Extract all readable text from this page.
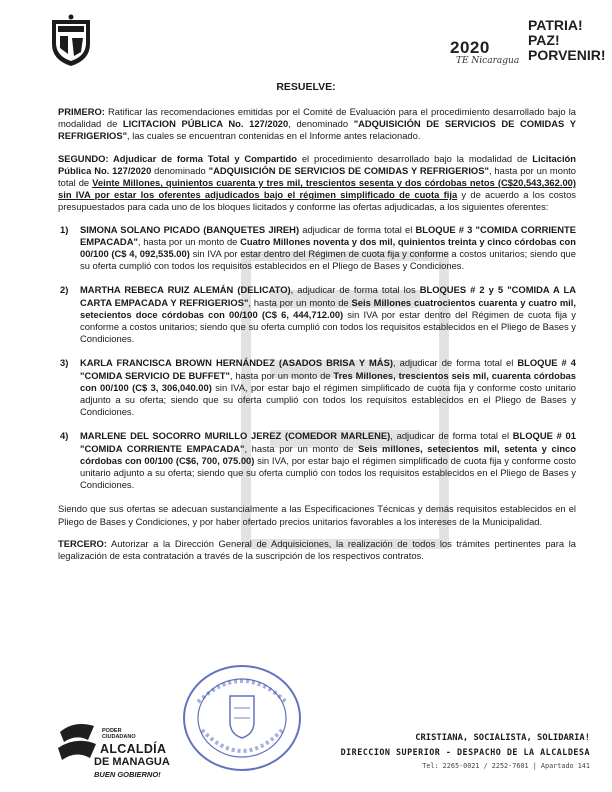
2020
TE Nicaragua
PATRIA!
PAZ!
PORVENIR!
RESUELVE:

PRIMERO: Ratificar las recomendaciones emitidas por el Comité de Evaluación para el procedimiento desarrollado bajo la modalidad de LICITACION PÚBLICA No. 127/2020, denominado "ADQUISICIÓN DE SERVICIOS DE COMIDAS Y REFRIGERIOS", las cuales se encuentran contenidas en el Informe antes relacionado.

SEGUNDO: Adjudicar de forma Total y Compartido el procedimiento desarrollado bajo la modalidad de Licitación Pública No. 127/2020 denominado "ADQUISICIÓN DE SERVICIOS DE COMIDAS Y REFRIGERIOS", hasta por un monto total de Veinte Millones, quinientos cuarenta y tres mil, trescientos sesenta y dos córdobas netos (C$20,543,362.00) sin IVA por estar los oferentes adjudicados bajo el régimen simplificado de cuota fija y de acuerdo a los costos presupuestados para cada uno de los bloques licitados y conforme las ofertas adjudicadas, a los siguientes oferentes:

1)	SIMONA SOLANO PICADO (BANQUETES JIREH) adjudicar de forma total el BLOQUE # 3 "COMIDA CORRIENTE EMPACADA", hasta por un monto de Cuatro Millones noventa y dos mil, quinientos treinta y cinco córdobas con 00/100 (C$ 4, 092,535.00) sin IVA por estar dentro del Régimen de cuota fija y conforme a costos unitarios; siendo que su oferta cumplió con todos los requisitos establecidos en el Pliego de Bases y Condiciones.
2)	MARTHA REBECA RUIZ ALEMÁN (DELICATO), adjudicar de forma total los BLOQUES # 2 y 5 "COMIDA A LA CARTA EMPACADA Y REFRIGERIOS", hasta por un monto de Seis Millones cuatrocientos cuarenta y cuatro mil, setecientos doce córdobas con 00/100 (C$ 6, 444,712.00) sin IVA por estar dentro del Régimen de cuota fija y conforme a costos unitarios; siendo que su oferta cumplió con todos los requisitos establecidos en el Pliego de Bases y Condiciones.
3)	KARLA FRANCISCA BROWN HERNÁNDEZ (ASADOS BRISA Y MÁS), adjudicar de forma total el BLOQUE # 4 "COMIDA SERVICIO DE BUFFET", hasta por un monto de Tres Millones, trescientos seis mil, cuarenta córdobas con 00/100 (C$ 3, 306,040.00) sin IVA, por estar bajo el régimen simplificado de cuota fija y conforme costo unitario adjunto a su oferta; siendo que su oferta cumplió con todos los requisitos establecidos en el Pliego de Bases y Condiciones.
4)	MARLENE DEL SOCORRO MURILLO JEREZ (COMEDOR MARLENE), adjudicar de forma total el BLOQUE # 01 "COMIDA CORRIENTE EMPACADA", hasta por un monto de Seis millones, setecientos mil, setenta y cinco córdobas con 00/100 (C$6, 700, 075.00) sin IVA, por estar bajo el régimen simplificado de cuota fija y conforme costo unitario adjunto a su oferta; siendo que su oferta cumplió con todos los requisitos establecidos en el Pliego de Bases y Condiciones.

Siendo que sus ofertas se adecuan sustancialmente a las Especificaciones Técnicas y demás requisitos establecidos en el Pliego de Bases y Condiciones, y por haber ofertado precios unitarios favorables a los intereses de la Municipalidad.

TERCERO: Autorizar a la Dirección General de Adquisiciones, la realización de todos los trámites pertinentes para la legalización de esta contratación a través de la suscripción de los respectivos contratos.

PODER
CIUDADANO
ALCALDÍA
DE MANAGUA
BUEN GOBIERNO!
CRISTIANA, SOCIALISTA, SOLIDARIA!
DIRECCION SUPERIOR - DESPACHO DE LA ALCALDESA
Tel: 2265-0021 / 2252-7601 | Apartado 141
